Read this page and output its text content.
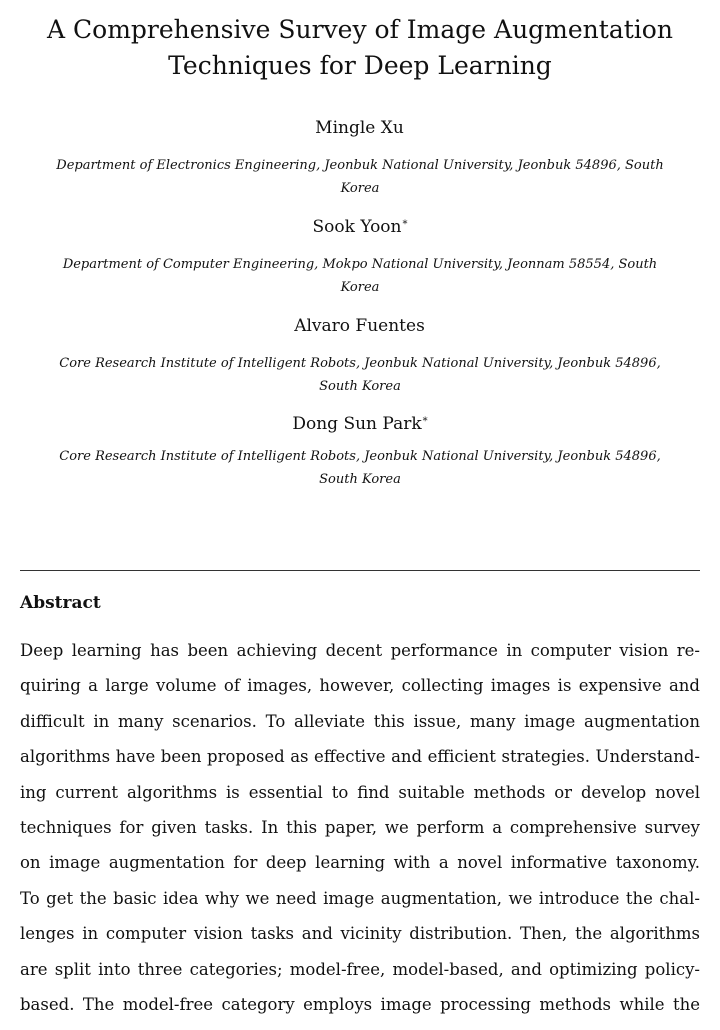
A Comprehensive Survey of Image Augmentation
Techniques for Deep Learning
Mingle Xu
Department of Electronics Engineering, Jeonbuk National University, Jeonbuk 54896, South
Korea
Sook Yoon*
Department of Computer Engineering, Mokpo National University, Jeonnam 58554, South
Korea
Alvaro Fuentes
Core Research Institute of Intelligent Robots, Jeonbuk National University, Jeonbuk 54896,
South Korea
Dong Sun Park*
Core Research Institute of Intelligent Robots, Jeonbuk National University, Jeonbuk 54896,
South Korea
Abstract
Deep learning has been achieving decent performance in computer vision re-
quiring a large volume of images, however, collecting images is expensive and
difficult in many scenarios. To alleviate this issue, many image augmentation
algorithms have been proposed as effective and efficient strategies. Understand-
ing current algorithms is essential to find suitable methods or develop novel
techniques for given tasks. In this paper, we perform a comprehensive survey
on image augmentation for deep learning with a novel informative taxonomy.
To get the basic idea why we need image augmentation, we introduce the chal-
lenges in computer vision tasks and vicinity distribution. Then, the algorithms
are split into three categories; model-free, model-based, and optimizing policy-
based. The model-free category employs image processing methods while the
